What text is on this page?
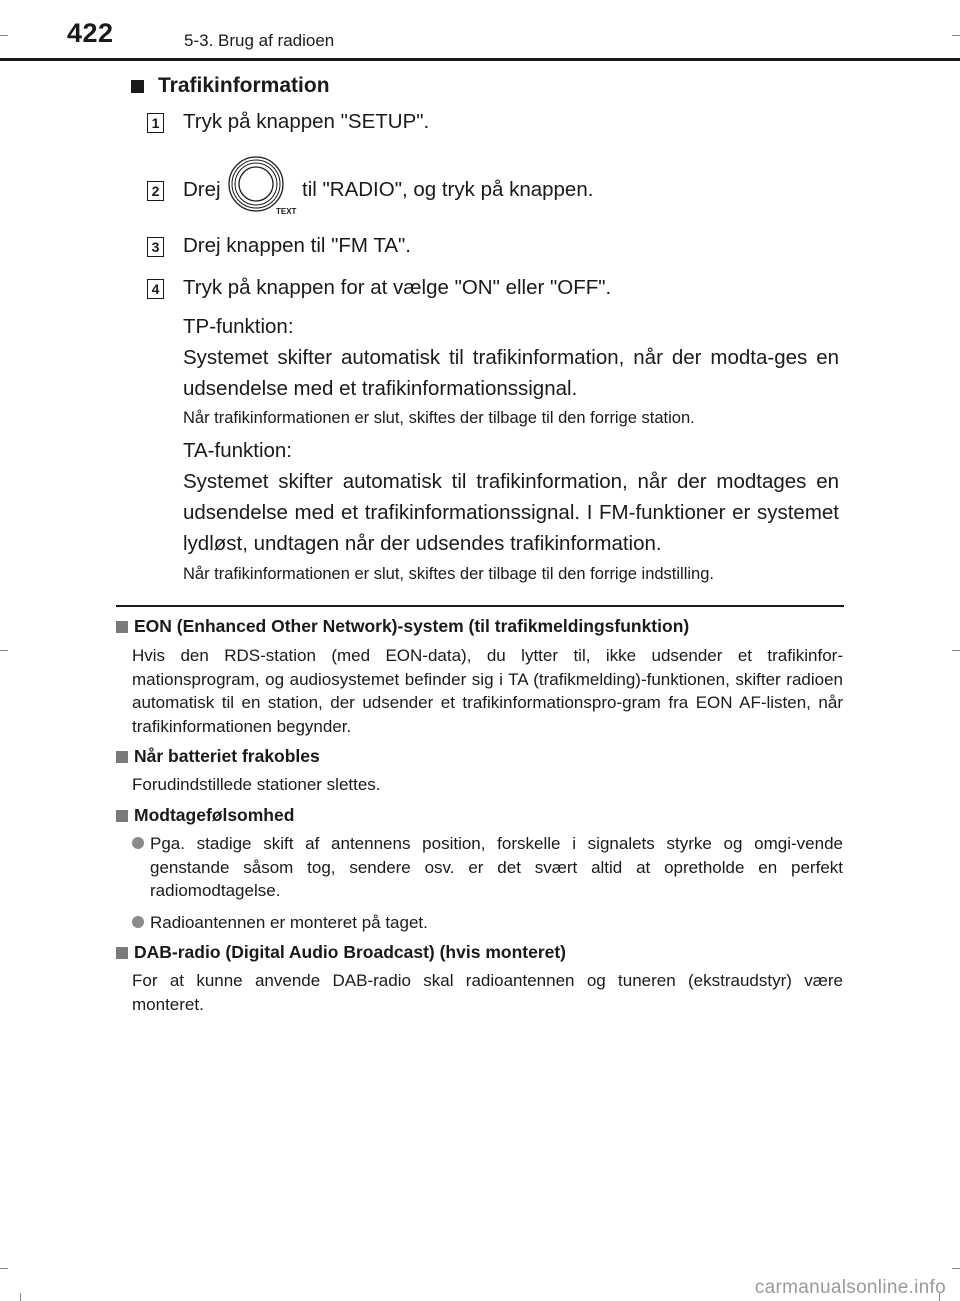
422	5-3. Brug af radioen
Trafikinformation
1 Tryk på knappen "SETUP".
2 Drej
TEXT
til "RADIO", og tryk på knappen.
3 Drej knappen til "FM TA".
4 Tryk på knappen for at vælge "ON" eller "OFF".
TP-funktion:
Systemet skifter automatisk til trafikinformation, når der modta-ges en udsendelse med et trafikinformationssignal.
Når trafikinformationen er slut, skiftes der tilbage til den forrige station.
TA-funktion:
Systemet skifter automatisk til trafikinformation, når der modtages en udsendelse med et trafikinformationssignal. I FM-funktioner er systemet lydløst, undtagen når der udsendes trafikinformation.
Når trafikinformationen er slut, skiftes der tilbage til den forrige indstilling.
EON (Enhanced Other Network)-system (til trafikmeldingsfunktion)
Hvis den RDS-station (med EON-data), du lytter til, ikke udsender et trafikinfor-mationsprogram, og audiosystemet befinder sig i TA (trafikmelding)-funktionen, skifter radioen automatisk til en station, der udsender et trafikinformationspro-gram fra EON AF-listen, når trafikinformationen begynder.
Når batteriet frakobles
Forudindstillede stationer slettes.
Modtagefølsomhed
Pga. stadige skift af antennens position, forskelle i signalets styrke og omgi-vende genstande såsom tog, sendere osv. er det svært altid at opretholde en perfekt radiomodtagelse.
Radioantennen er monteret på taget.
DAB-radio (Digital Audio Broadcast) (hvis monteret)
For at kunne anvende DAB-radio skal radioantennen og tuneren (ekstraudstyr) være monteret.
carmanualsonline.info
